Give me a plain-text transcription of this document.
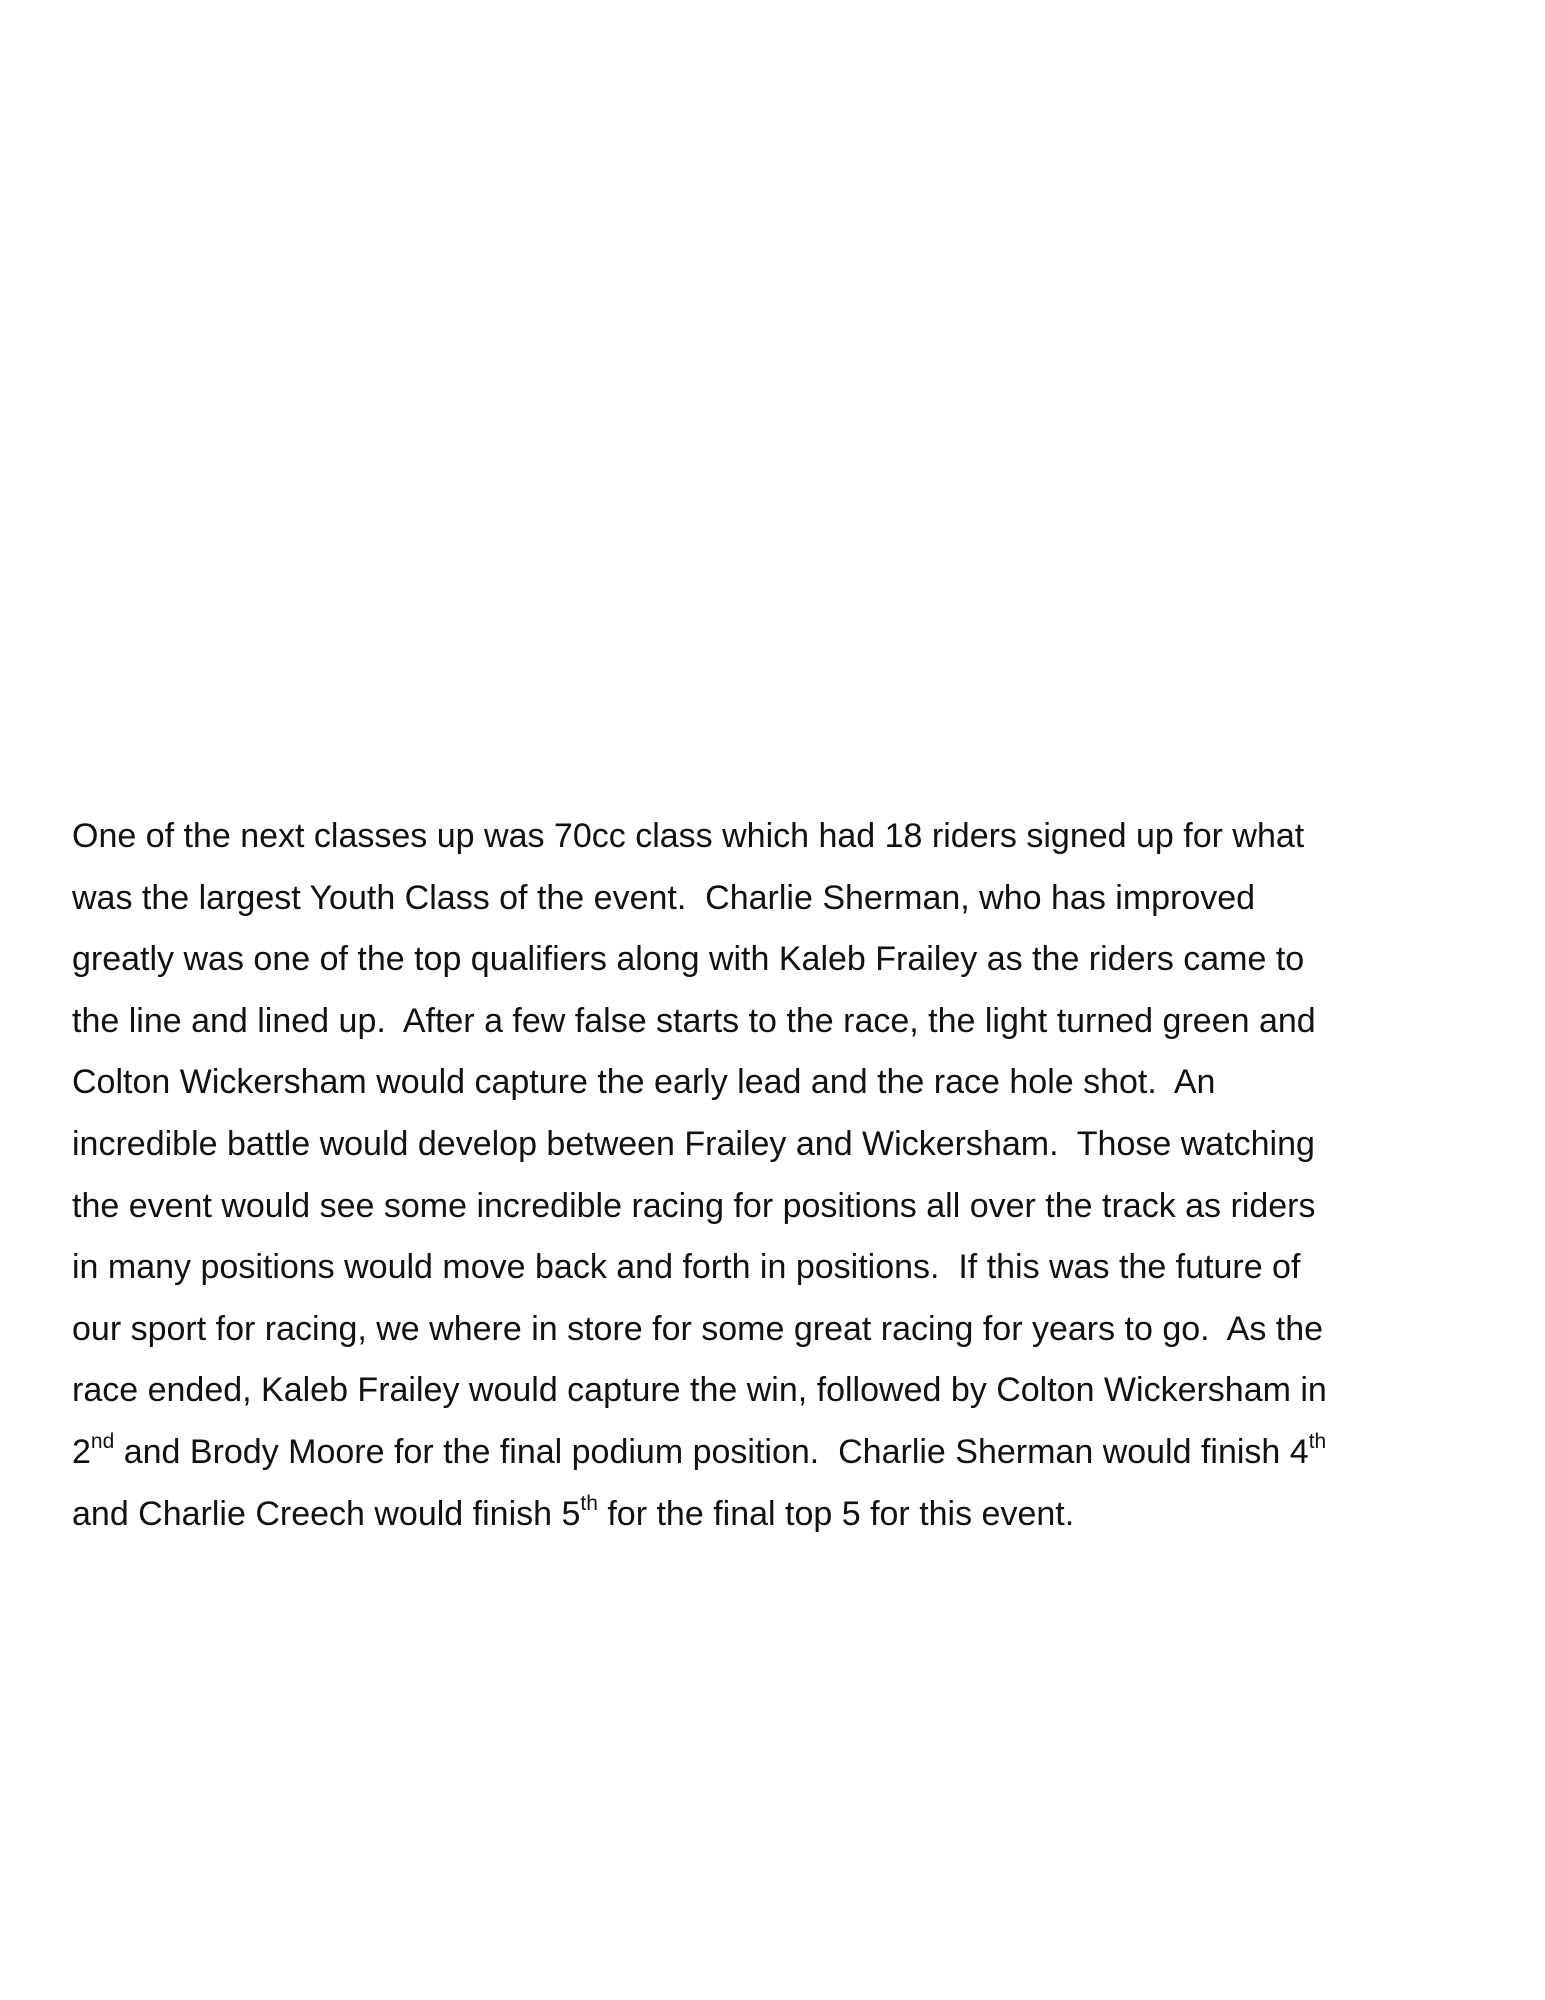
One of the next classes up was 70cc class which had 18 riders signed up for what
was the largest Youth Class of the event.  Charlie Sherman, who has improved
greatly was one of the top qualifiers along with Kaleb Frailey as the riders came to
the line and lined up.  After a few false starts to the race, the light turned green and
Colton Wickersham would capture the early lead and the race hole shot.  An
incredible battle would develop between Frailey and Wickersham.  Those watching
the event would see some incredible racing for positions all over the track as riders
in many positions would move back and forth in positions.  If this was the future of
our sport for racing, we where in store for some great racing for years to go.  As the
race ended, Kaleb Frailey would capture the win, followed by Colton Wickersham in
2nd and Brody Moore for the final podium position.  Charlie Sherman would finish 4th
and Charlie Creech would finish 5th for the final top 5 for this event.
